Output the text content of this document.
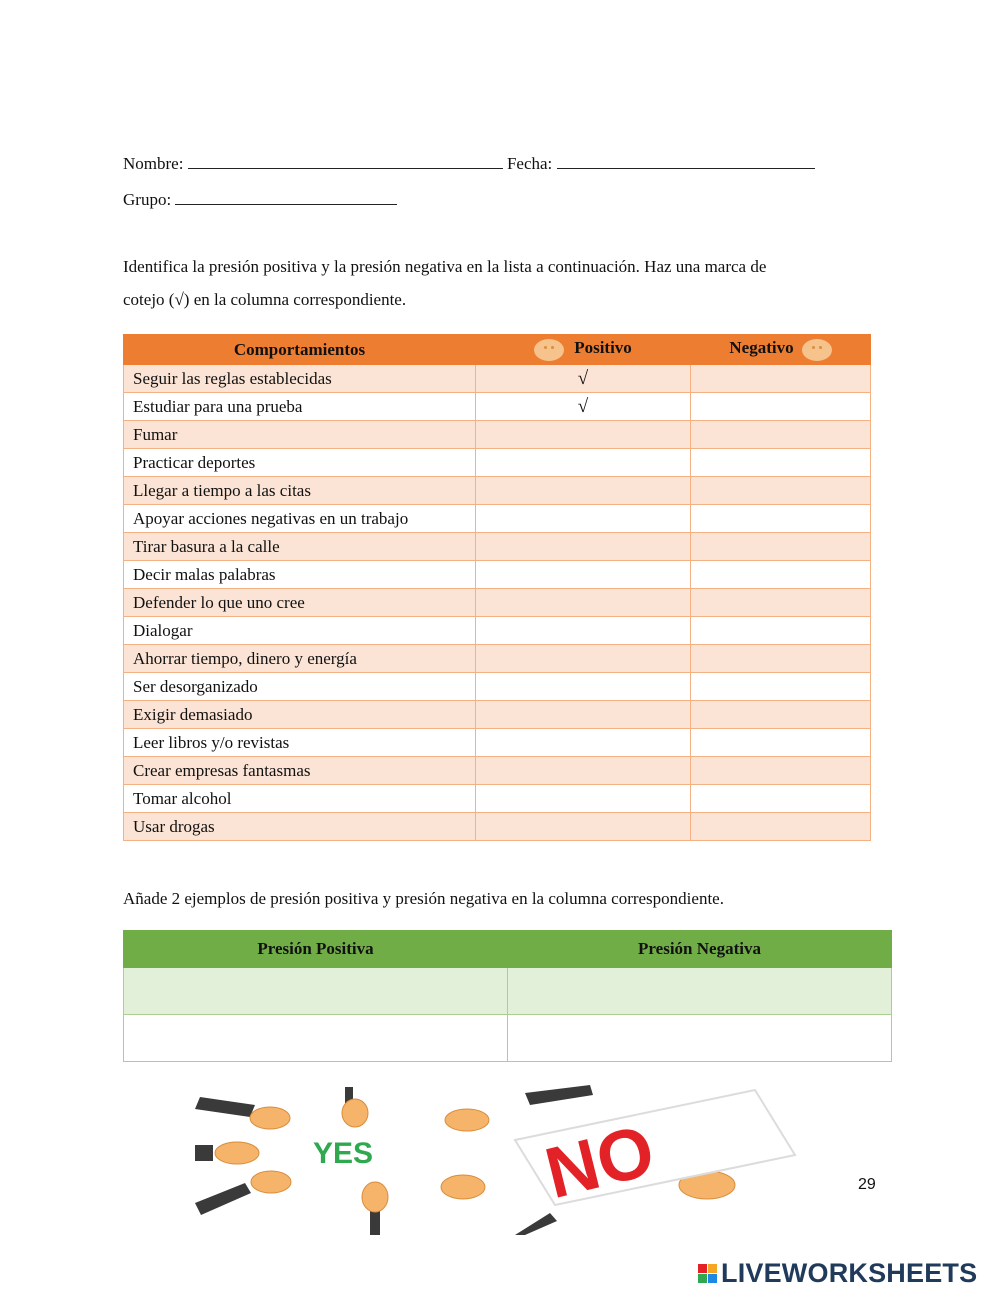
Nombre:	Fecha:
Grupo:
Identifica la presión positiva y la presión negativa en la lista a continuación. Haz una marca de
cotejo (√) en la columna correspondiente.
Comportamientos	Positivo	Negativo
Seguir las reglas establecidas	√	
Estudiar para una prueba	√	
Fumar		
Practicar deportes		
Llegar a tiempo a las citas		
Apoyar acciones negativas en un trabajo		
Tirar basura a la calle		
Decir malas palabras		
Defender lo que uno cree		
Dialogar		
Ahorrar tiempo, dinero y energía		
Ser desorganizado		
Exigir demasiado		
Leer libros y/o revistas		
Crear empresas fantasmas		
Tomar alcohol		
Usar drogas		
Añade 2 ejemplos de presión positiva y presión negativa en la columna correspondiente.
Presión Positiva	Presión Negativa

YES NO	29
LIVEWORKSHEETS
